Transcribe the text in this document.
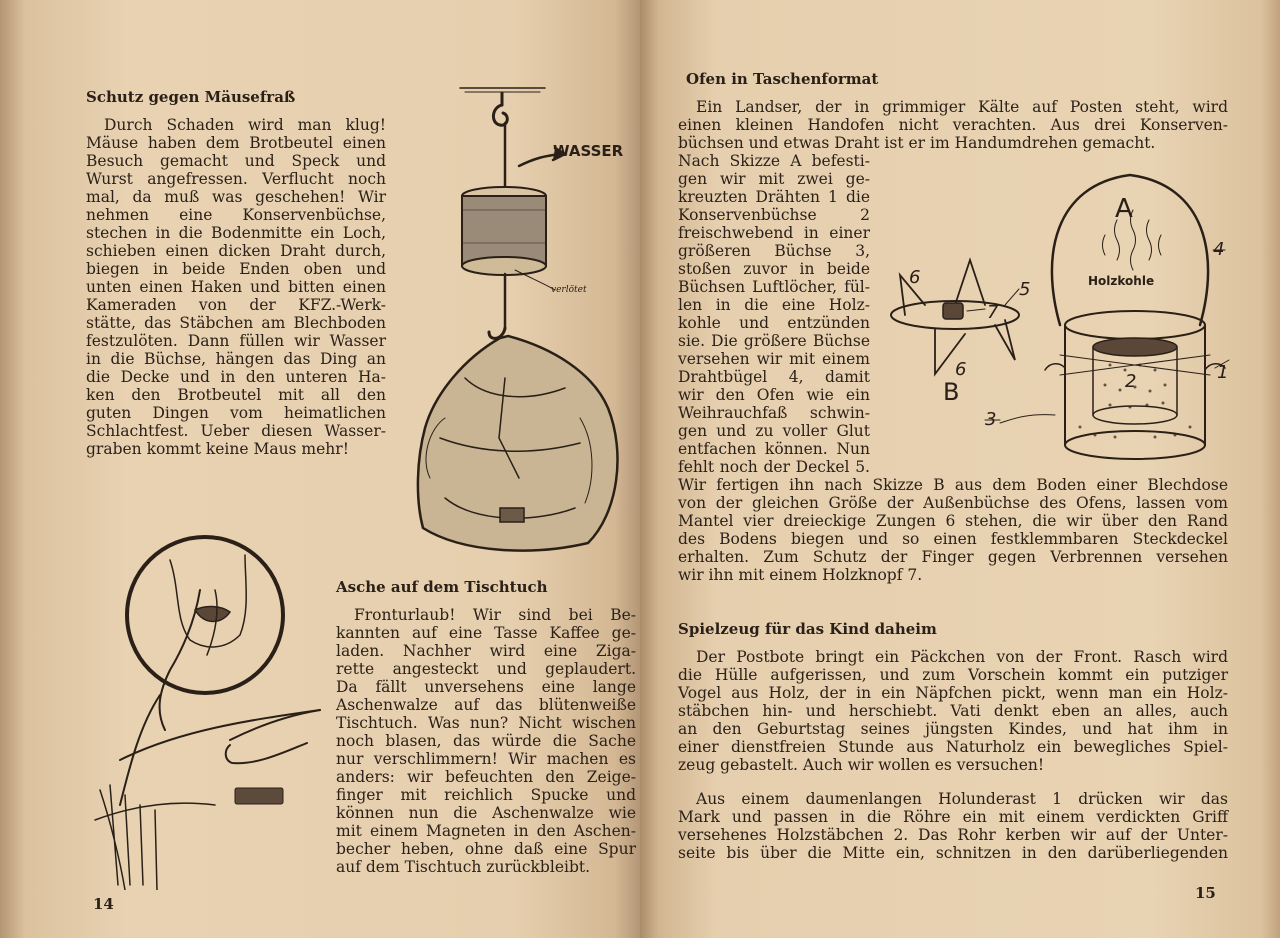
Schutz gegen Mäusefraß
Durch Schaden wird man klug!
Mäuse haben dem Brotbeutel einen
Besuch gemacht und Speck und
Wurst angefressen. Verflucht noch
mal, da muß was geschehen! Wir
nehmen eine Konservenbüchse,
stechen in die Bodenmitte ein Loch,
schieben einen dicken Draht durch,
biegen in beide Enden oben und
unten einen Haken und bitten einen
Kameraden von der KFZ.-Werk-
stätte, das Stäbchen am Blechboden
festzulöten. Dann füllen wir Wasser
in die Büchse, hängen das Ding an
die Decke und in den unteren Ha-
ken den Brotbeutel mit all den
guten Dingen vom heimatlichen
Schlachtfest. Ueber diesen Wasser-
graben kommt keine Maus mehr!
WASSER
verlötet
Asche auf dem Tischtuch
Fronturlaub! Wir sind bei Be-
kannten auf eine Tasse Kaffee ge-
laden. Nachher wird eine Ziga-
rette angesteckt und geplaudert.
Da fällt unversehens eine lange
Aschenwalze auf das blütenweiße
Tischtuch. Was nun? Nicht wischen
noch blasen, das würde die Sache
nur verschlimmern! Wir machen es
anders: wir befeuchten den Zeige-
finger mit reichlich Spucke und
können nun die Aschenwalze wie
mit einem Magneten in den Aschen-
becher heben, ohne daß eine Spur
auf dem Tischtuch zurückbleibt.
14
Ofen in Taschenformat
Ein Landser, der in grimmiger Kälte auf Posten steht, wird
einen kleinen Handofen nicht verachten. Aus drei Konserven-
büchsen und etwas Draht ist er im Handumdrehen gemacht.
Nach Skizze A befesti-
gen wir mit zwei ge-
kreuzten Drähten 1 die
Konservenbüchse 2
freischwebend in einer
größeren Büchse 3,
stoßen zuvor in beide
Büchsen Luftlöcher, fül-
len in die eine Holz-
kohle und entzünden
sie. Die größere Büchse
versehen wir mit einem
Drahtbügel 4, damit
wir den Ofen wie ein
Weihrauchfaß schwin-
gen und zu voller Glut
entfachen können. Nun
fehlt noch der Deckel 5.
Wir fertigen ihn nach Skizze B aus dem Boden einer Blechdose
von der gleichen Größe der Außenbüchse des Ofens, lassen vom
Mantel vier dreieckige Zungen 6 stehen, die wir über den Rand
des Bodens biegen und so einen festklemmbaren Steckdeckel
erhalten. Zum Schutz der Finger gegen Verbrennen versehen
wir ihn mit einem Holzknopf 7.
A
B
Holzkohle
1
2
3
4
5
6
6
7
Spielzeug für das Kind daheim
Der Postbote bringt ein Päckchen von der Front. Rasch wird
die Hülle aufgerissen, und zum Vorschein kommt ein putziger
Vogel aus Holz, der in ein Näpfchen pickt, wenn man ein Holz-
stäbchen hin- und herschiebt. Vati denkt eben an alles, auch
an den Geburtstag seines jüngsten Kindes, und hat ihm in
einer dienstfreien Stunde aus Naturholz ein bewegliches Spiel-
zeug gebastelt. Auch wir wollen es versuchen!
Aus einem daumenlangen Holunderast 1 drücken wir das
Mark und passen in die Röhre ein mit einem verdickten Griff
versehenes Holzstäbchen 2. Das Rohr kerben wir auf der Unter-
seite bis über die Mitte ein, schnitzen in den darüberliegenden
15
